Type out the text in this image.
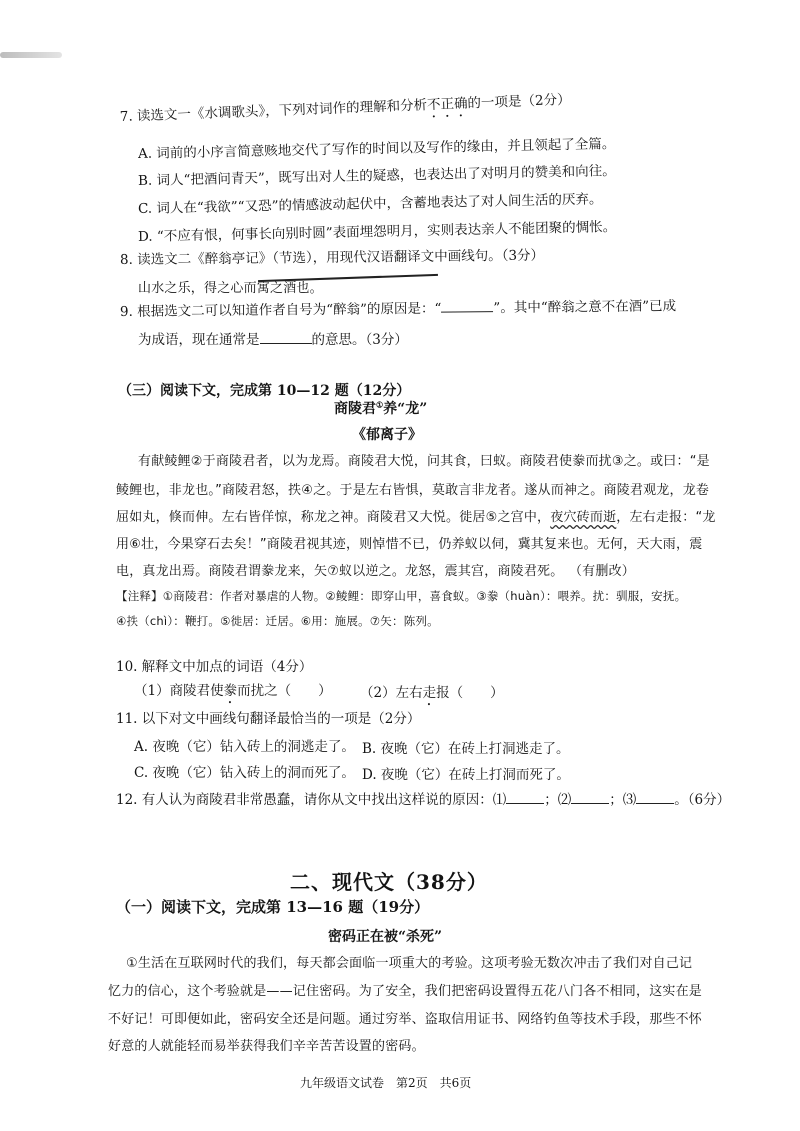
7. 读选文一《水调歌头》，下列对词作的理解和分析不正确的一项是（2分）
A. 词前的小序言简意赅地交代了写作的时间以及写作的缘由，并且领起了全篇。
B. 词人“把酒问青天”，既写出对人生的疑惑，也表达出了对明月的赞美和向往。
C. 词人在“我欲”“又恐”的情感波动起伏中，含蓄地表达了对人间生活的厌弃。
D. “不应有恨，何事长向别时圆”表面埋怨明月，实则表达亲人不能团聚的惆怅。
8. 读选文二《醉翁亭记》（节选），用现代汉语翻译文中画线句。（3分）
山水之乐，得之心而寓之酒也。
9. 根据选文二可以知道作者自号为“醉翁”的原因是：“	”。其中“醉翁之意不在酒”已成
为成语，现在通常是	的意思。（3分）
（三）阅读下文，完成第 10—12 题（12分）
商陵君①养“龙”
《郁离子》
有献鲮鲤②于商陵君者，以为龙焉。商陵君大悦，问其食，曰蚁。商陵君使豢而扰③之。或曰：“是
鲮鲤也，非龙也。”商陵君怒，抶④之。于是左右皆惧，莫敢言非龙者。遂从而神之。商陵君观龙，龙卷
屈如丸，倏而伸。左右皆佯惊，称龙之神。商陵君又大悦。徙居⑤之宫中，夜穴砖而逝，左右走报：“龙
用⑥壮，今果穿石去矣！”商陵君视其迹，则悼惜不已，仍养蚁以伺，冀其复来也。无何，天大雨，震
电，真龙出焉。商陵君谓豢龙来，矢⑦蚁以逆之。龙怒，震其宫，商陵君死。 （有删改）
【注释】①商陵君：作者对暴虐的人物。②鲮鲤：即穿山甲，喜食蚁。③豢（huàn）：喂养。扰：驯服，安抚。
④抶（chì）：鞭打。⑤徙居：迁居。⑥用：施展。⑦矢：陈列。
10. 解释文中加点的词语（4分）
（1）商陵君使豢而扰之（　　） （2）左右走报（　　）
11. 以下对文中画线句翻译最恰当的一项是（2分）
A. 夜晚（它）钻入砖上的洞逃走了。 B. 夜晚（它）在砖上打洞逃走了。
C. 夜晚（它）钻入砖上的洞而死了。 D. 夜晚（它）在砖上打洞而死了。
12. 有人认为商陵君非常愚蠢，请你从文中找出这样说的原因：⑴	；⑵	；⑶	。（6分）
二、现代文（38分）
（一）阅读下文，完成第 13—16 题（19分）
密码正在被“杀死”
①生活在互联网时代的我们，每天都会面临一项重大的考验。这项考验无数次冲击了我们对自己记
忆力的信心，这个考验就是——记住密码。为了安全，我们把密码设置得五花八门各不相同，这实在是
不好记！可即便如此，密码安全还是问题。通过穷举、盗取信用证书、网络钓鱼等技术手段，那些不怀
好意的人就能轻而易举获得我们辛辛苦苦设置的密码。
九年级语文试卷　第2页　共6页
